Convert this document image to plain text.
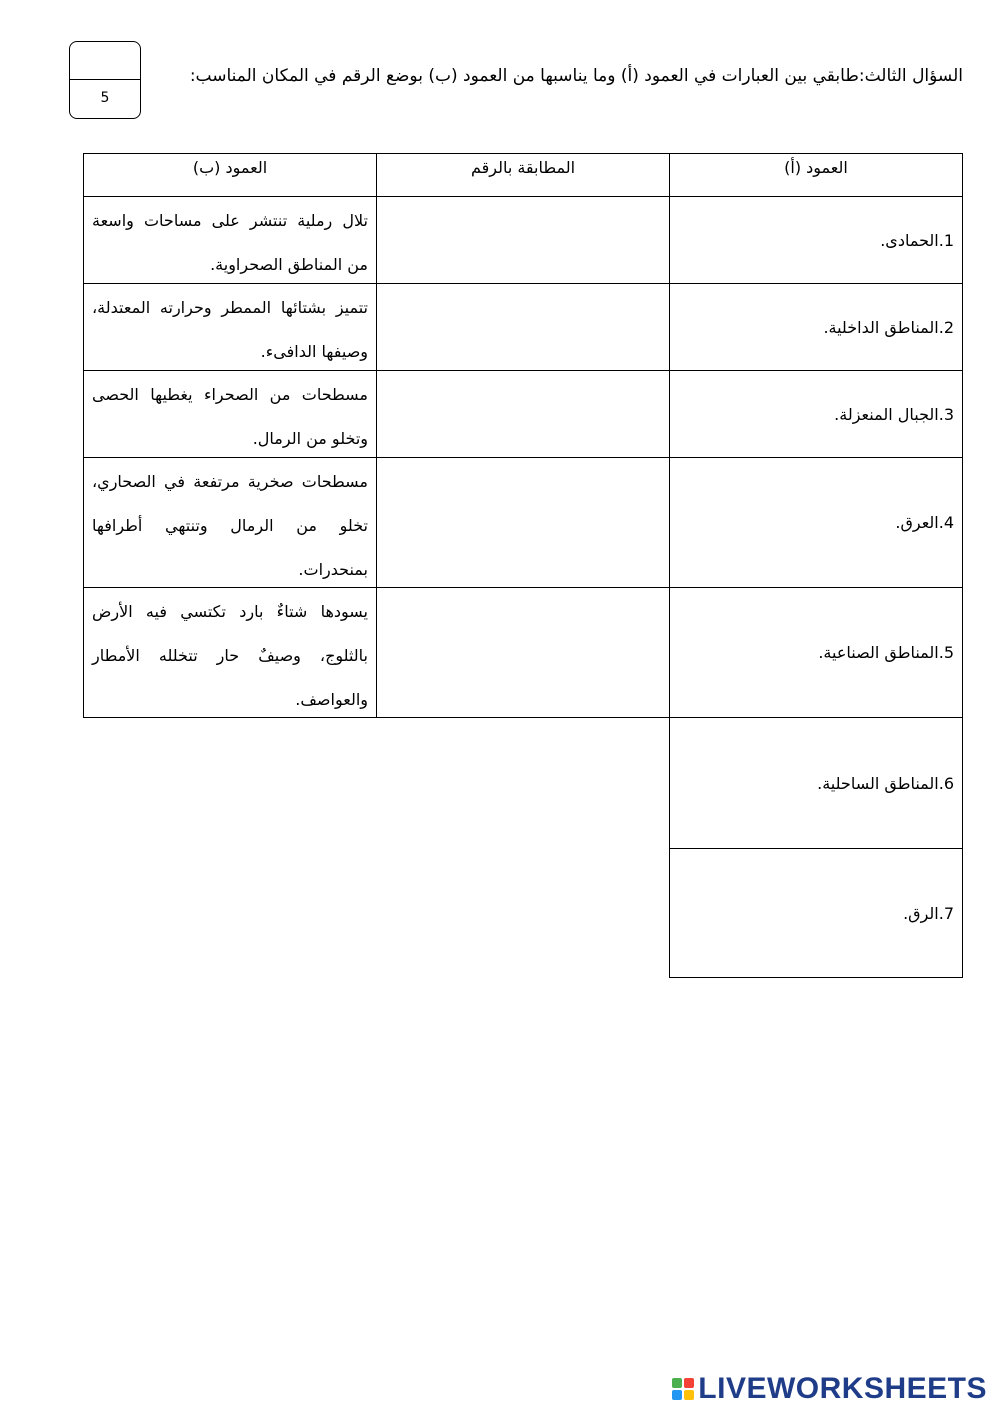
5
السؤال الثالث:طابقي بين العبارات في العمود (أ) وما يناسبها من العمود (ب) بوضع الرقم في المكان المناسب:
العمود (أ)
المطابقة بالرقم
العمود (ب)
1.الحمادى.
تلال رملية تنتشر على مساحات واسعة من المناطق الصحراوية.
2.المناطق الداخلية.
تتميز بشتائها الممطر وحرارته المعتدلة، وصيفها الدافىء.
3.الجبال المنعزلة.
مسطحات من الصحراء يغطيها الحصى وتخلو من الرمال.
4.العرق.
مسطحات صخرية مرتفعة في الصحاري، تخلو من الرمال وتنتهي أطرافها بمنحدرات.
5.المناطق الصناعية.
يسودها شتاءٌ بارد تكتسي فيه الأرض بالثلوج، وصيفٌ حار تتخلله الأمطار والعواصف.
6.المناطق الساحلية.
7.الرق.
LIVEWORKSHEETS
